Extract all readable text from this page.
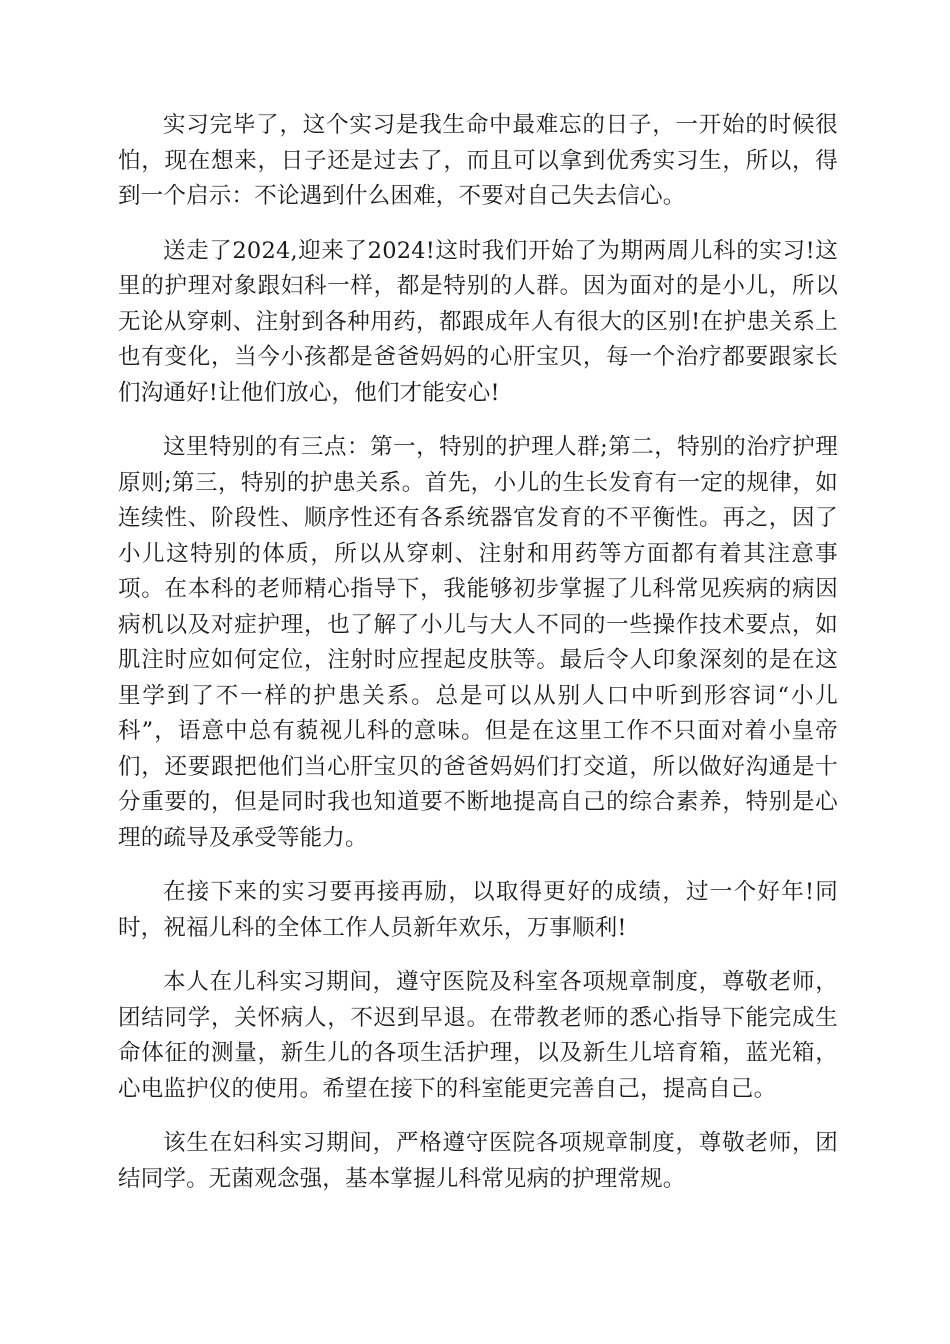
实习完毕了，这个实习是我生命中最难忘的日子，一开始的时候很怕，现在想来，日子还是过去了，而且可以拿到优秀实习生，所以，得到一个启示：不论遇到什么困难，不要对自己失去信心。

送走了2024,迎来了2024!这时我们开始了为期两周儿科的实习!这里的护理对象跟妇科一样，都是特别的人群。因为面对的是小儿，所以无论从穿刺、注射到各种用药，都跟成年人有很大的区别!在护患关系上也有变化，当今小孩都是爸爸妈妈的心肝宝贝，每一个治疗都要跟家长们沟通好!让他们放心，他们才能安心!

这里特别的有三点：第一，特别的护理人群;第二，特别的治疗护理原则;第三，特别的护患关系。首先，小儿的生长发育有一定的规律，如连续性、阶段性、顺序性还有各系统器官发育的不平衡性。再之，因了小儿这特别的体质，所以从穿刺、注射和用药等方面都有着其注意事项。在本科的老师精心指导下，我能够初步掌握了儿科常见疾病的病因病机以及对症护理，也了解了小儿与大人不同的一些操作技术要点，如肌注时应如何定位，注射时应捏起皮肤等。最后令人印象深刻的是在这里学到了不一样的护患关系。总是可以从别人口中听到形容词“小儿科”，语意中总有藐视儿科的意味。但是在这里工作不只面对着小皇帝们，还要跟把他们当心肝宝贝的爸爸妈妈们打交道，所以做好沟通是十分重要的，但是同时我也知道要不断地提高自己的综合素养，特别是心理的疏导及承受等能力。

在接下来的实习要再接再励，以取得更好的成绩，过一个好年!同时，祝福儿科的全体工作人员新年欢乐，万事顺利!

本人在儿科实习期间，遵守医院及科室各项规章制度，尊敬老师，团结同学，关怀病人，不迟到早退。在带教老师的悉心指导下能完成生命体征的测量，新生儿的各项生活护理，以及新生儿培育箱，蓝光箱，心电监护仪的使用。希望在接下的科室能更完善自己，提高自己。

该生在妇科实习期间，严格遵守医院各项规章制度，尊敬老师，团结同学。无菌观念强，基本掌握儿科常见病的护理常规。
